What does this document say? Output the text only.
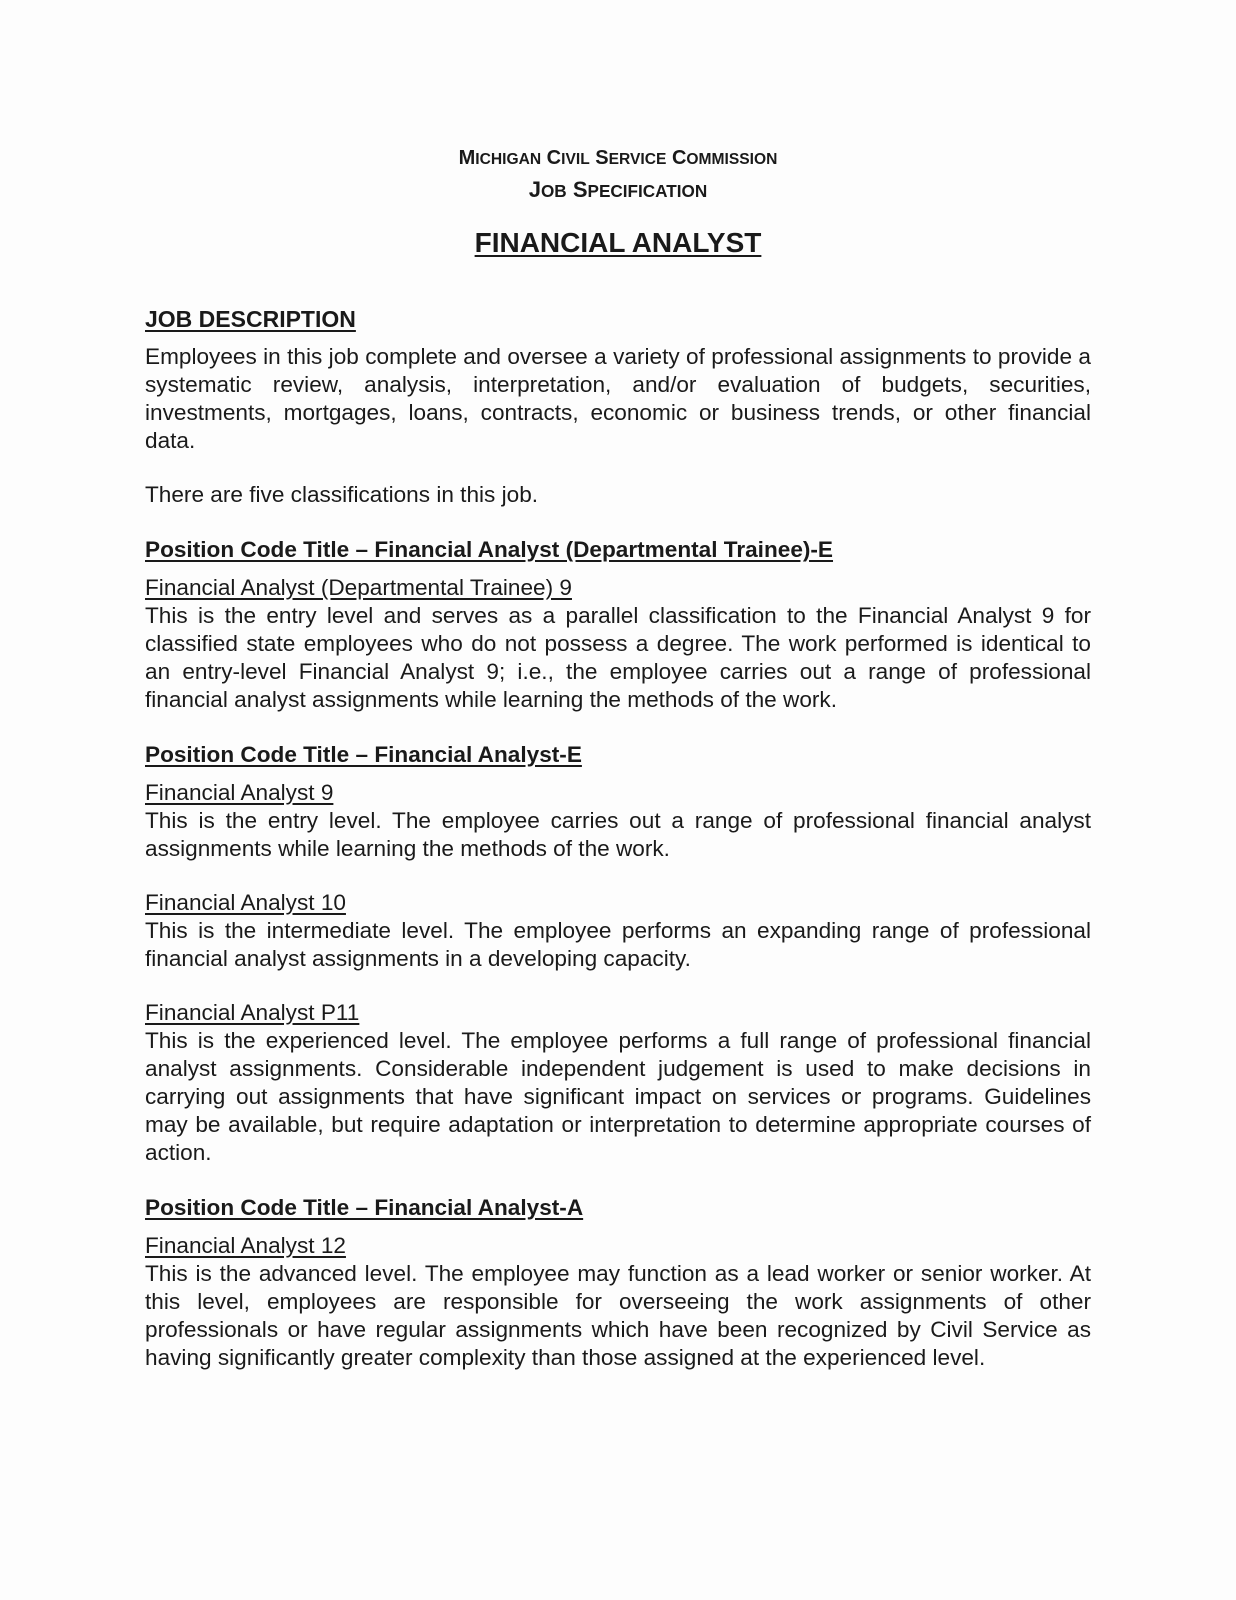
MICHIGAN CIVIL SERVICE COMMISSION
JOB SPECIFICATION
FINANCIAL ANALYST
JOB DESCRIPTION

Employees in this job complete and oversee a variety of professional assignments to provide a systematic review, analysis, interpretation, and/or evaluation of budgets, securities, investments, mortgages, loans, contracts, economic or business trends, or other financial data.

There are five classifications in this job.

Position Code Title – Financial Analyst (Departmental Trainee)-E

Financial Analyst (Departmental Trainee) 9

This is the entry level and serves as a parallel classification to the Financial Analyst 9 for classified state employees who do not possess a degree. The work performed is identical to an entry-level Financial Analyst 9; i.e., the employee carries out a range of professional financial analyst assignments while learning the methods of the work.

Position Code Title – Financial Analyst-E

Financial Analyst 9

This is the entry level. The employee carries out a range of professional financial analyst assignments while learning the methods of the work.

Financial Analyst 10

This is the intermediate level. The employee performs an expanding range of professional financial analyst assignments in a developing capacity.

Financial Analyst P11

This is the experienced level. The employee performs a full range of professional financial analyst assignments. Considerable independent judgement is used to make decisions in carrying out assignments that have significant impact on services or programs. Guidelines may be available, but require adaptation or interpretation to determine appropriate courses of action.

Position Code Title – Financial Analyst-A

Financial Analyst 12

This is the advanced level. The employee may function as a lead worker or senior worker. At this level, employees are responsible for overseeing the work assignments of other professionals or have regular assignments which have been recognized by Civil Service as having significantly greater complexity than those assigned at the experienced level.
